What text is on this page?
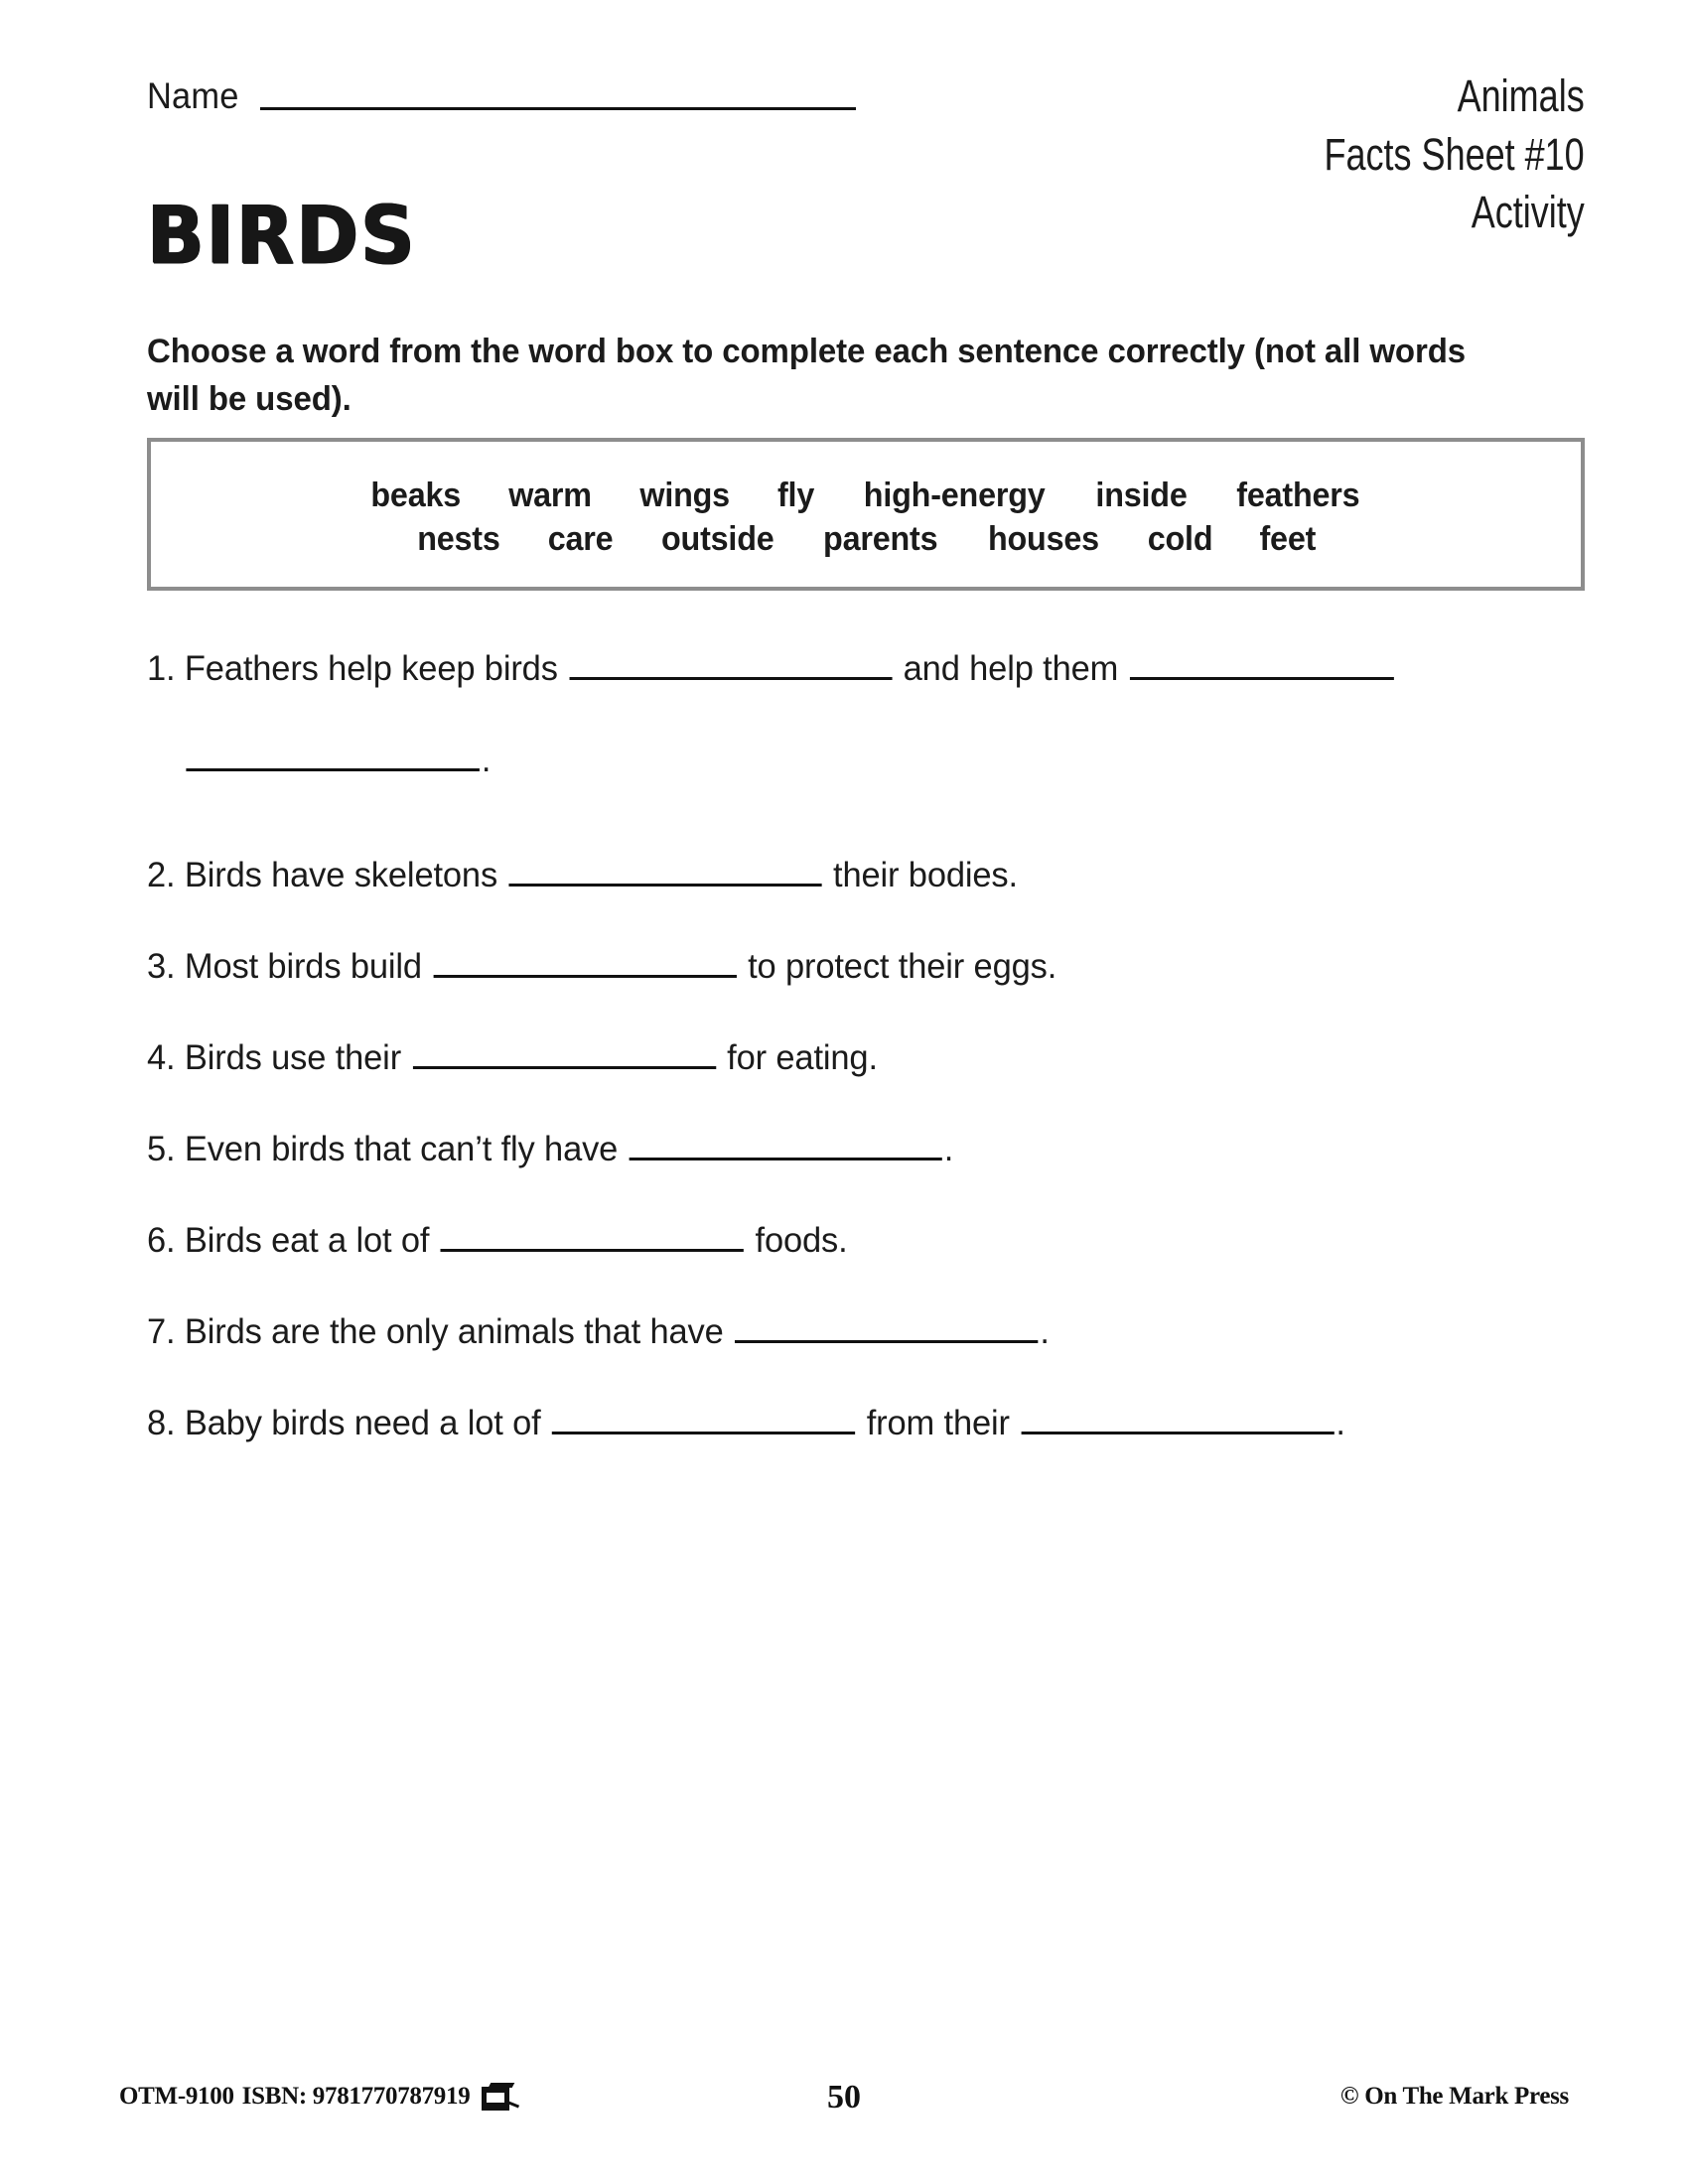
Name	Animals
Facts Sheet #10
Activity
BIRDS
Choose a word from the word box to complete each sentence correctly (not all words will be used).
beaks warm wings fly high-energy inside feathers
nests care outside parents houses cold feet
1. Feathers help keep birds	and help them
.
2. Birds have skeletons	their bodies.
3. Most birds build	to protect their eggs.
4. Birds use their	for eating.
5. Even birds that can’t fly have	.
6. Birds eat a lot of	foods.
7. Birds are the only animals that have	.
8. Baby birds need a lot of	from their	.
OTM-9100 ISBN: 9781770787919	50	© On The Mark Press
